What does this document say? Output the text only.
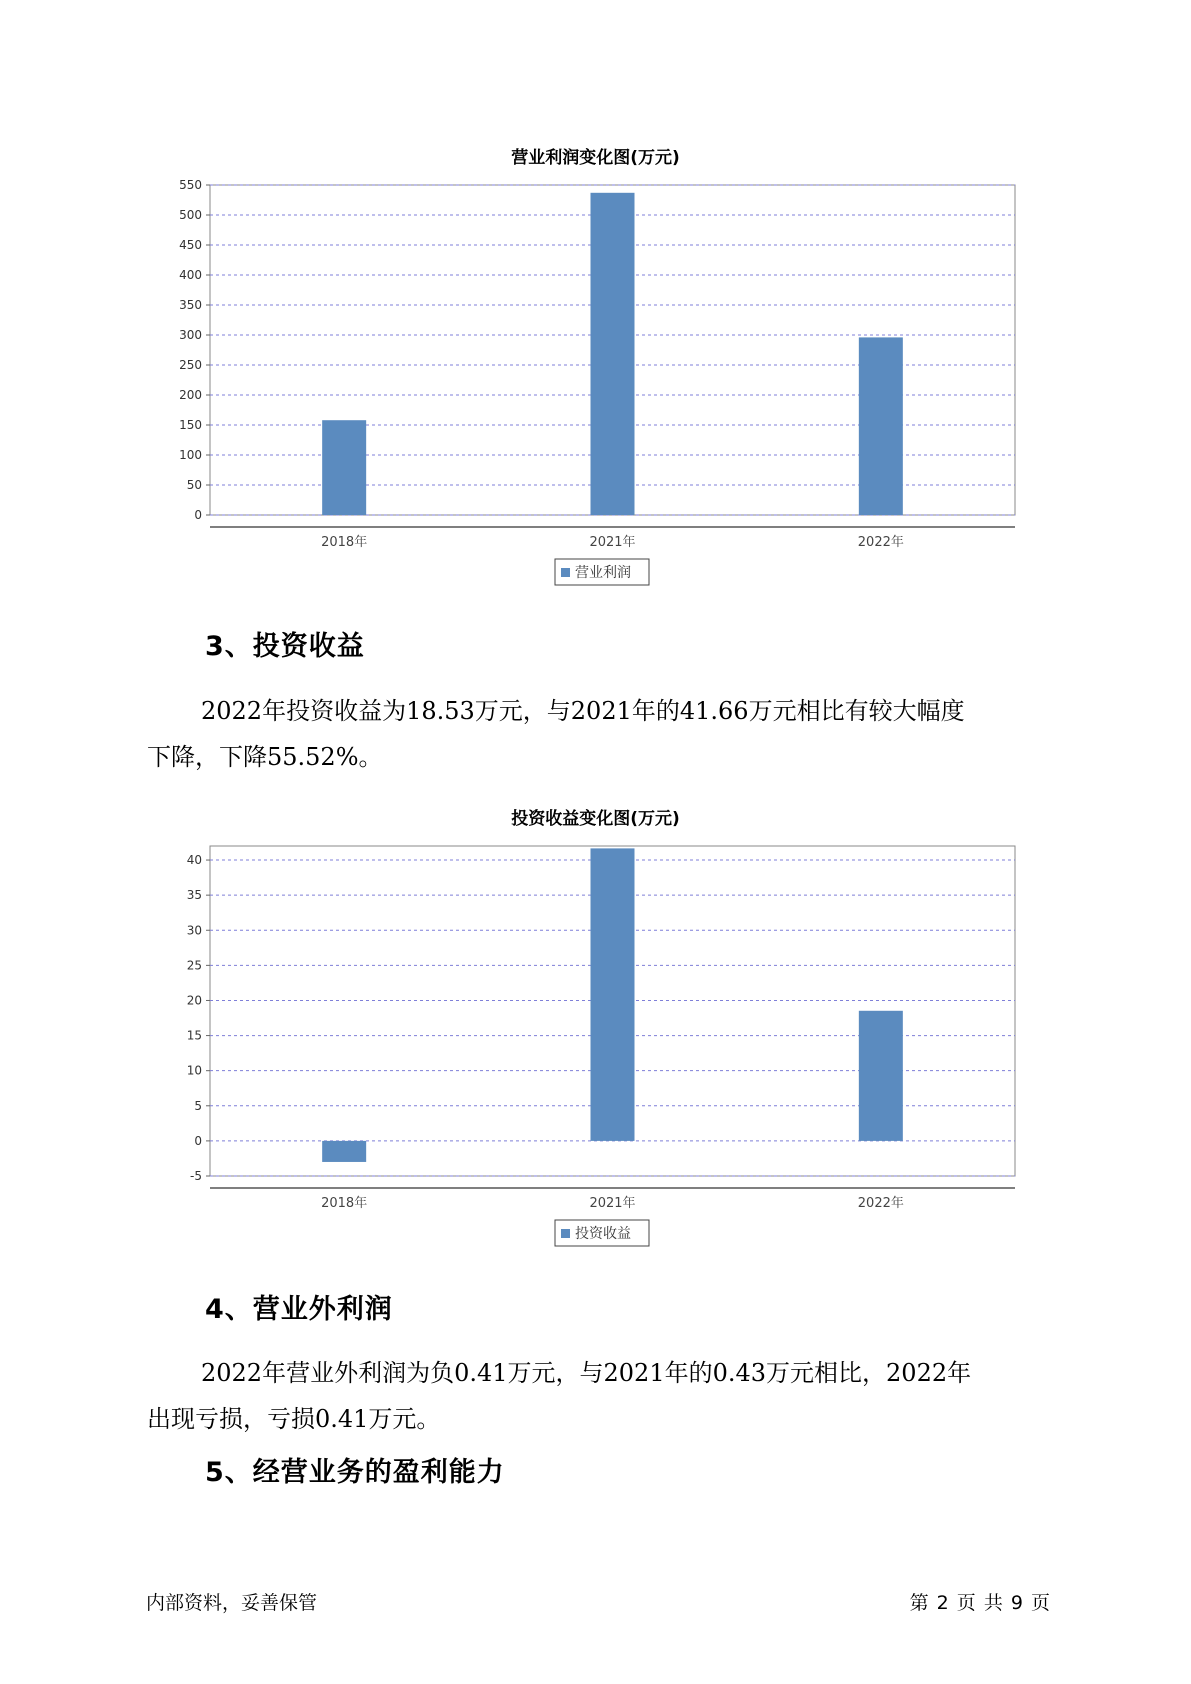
营业利润变化图(万元)
0
50
100
150
200
250
300
350
400
450
500
550
2018年	2021年	2022年
营业利润
3、投资收益

2022年投资收益为18.53万元，与2021年的41.66万元相比有较大幅度

下降，下降55.52%。

投资收益变化图(万元)
-5
0
5
10
15
20
25
30
35
40
2018年	2021年	2022年
投资收益
4、营业外利润

2022年营业外利润为负0.41万元，与2021年的0.43万元相比，2022年

出现亏损，亏损0.41万元。

5、经营业务的盈利能力
内部资料，妥善保管	第 2 页 共 9 页
